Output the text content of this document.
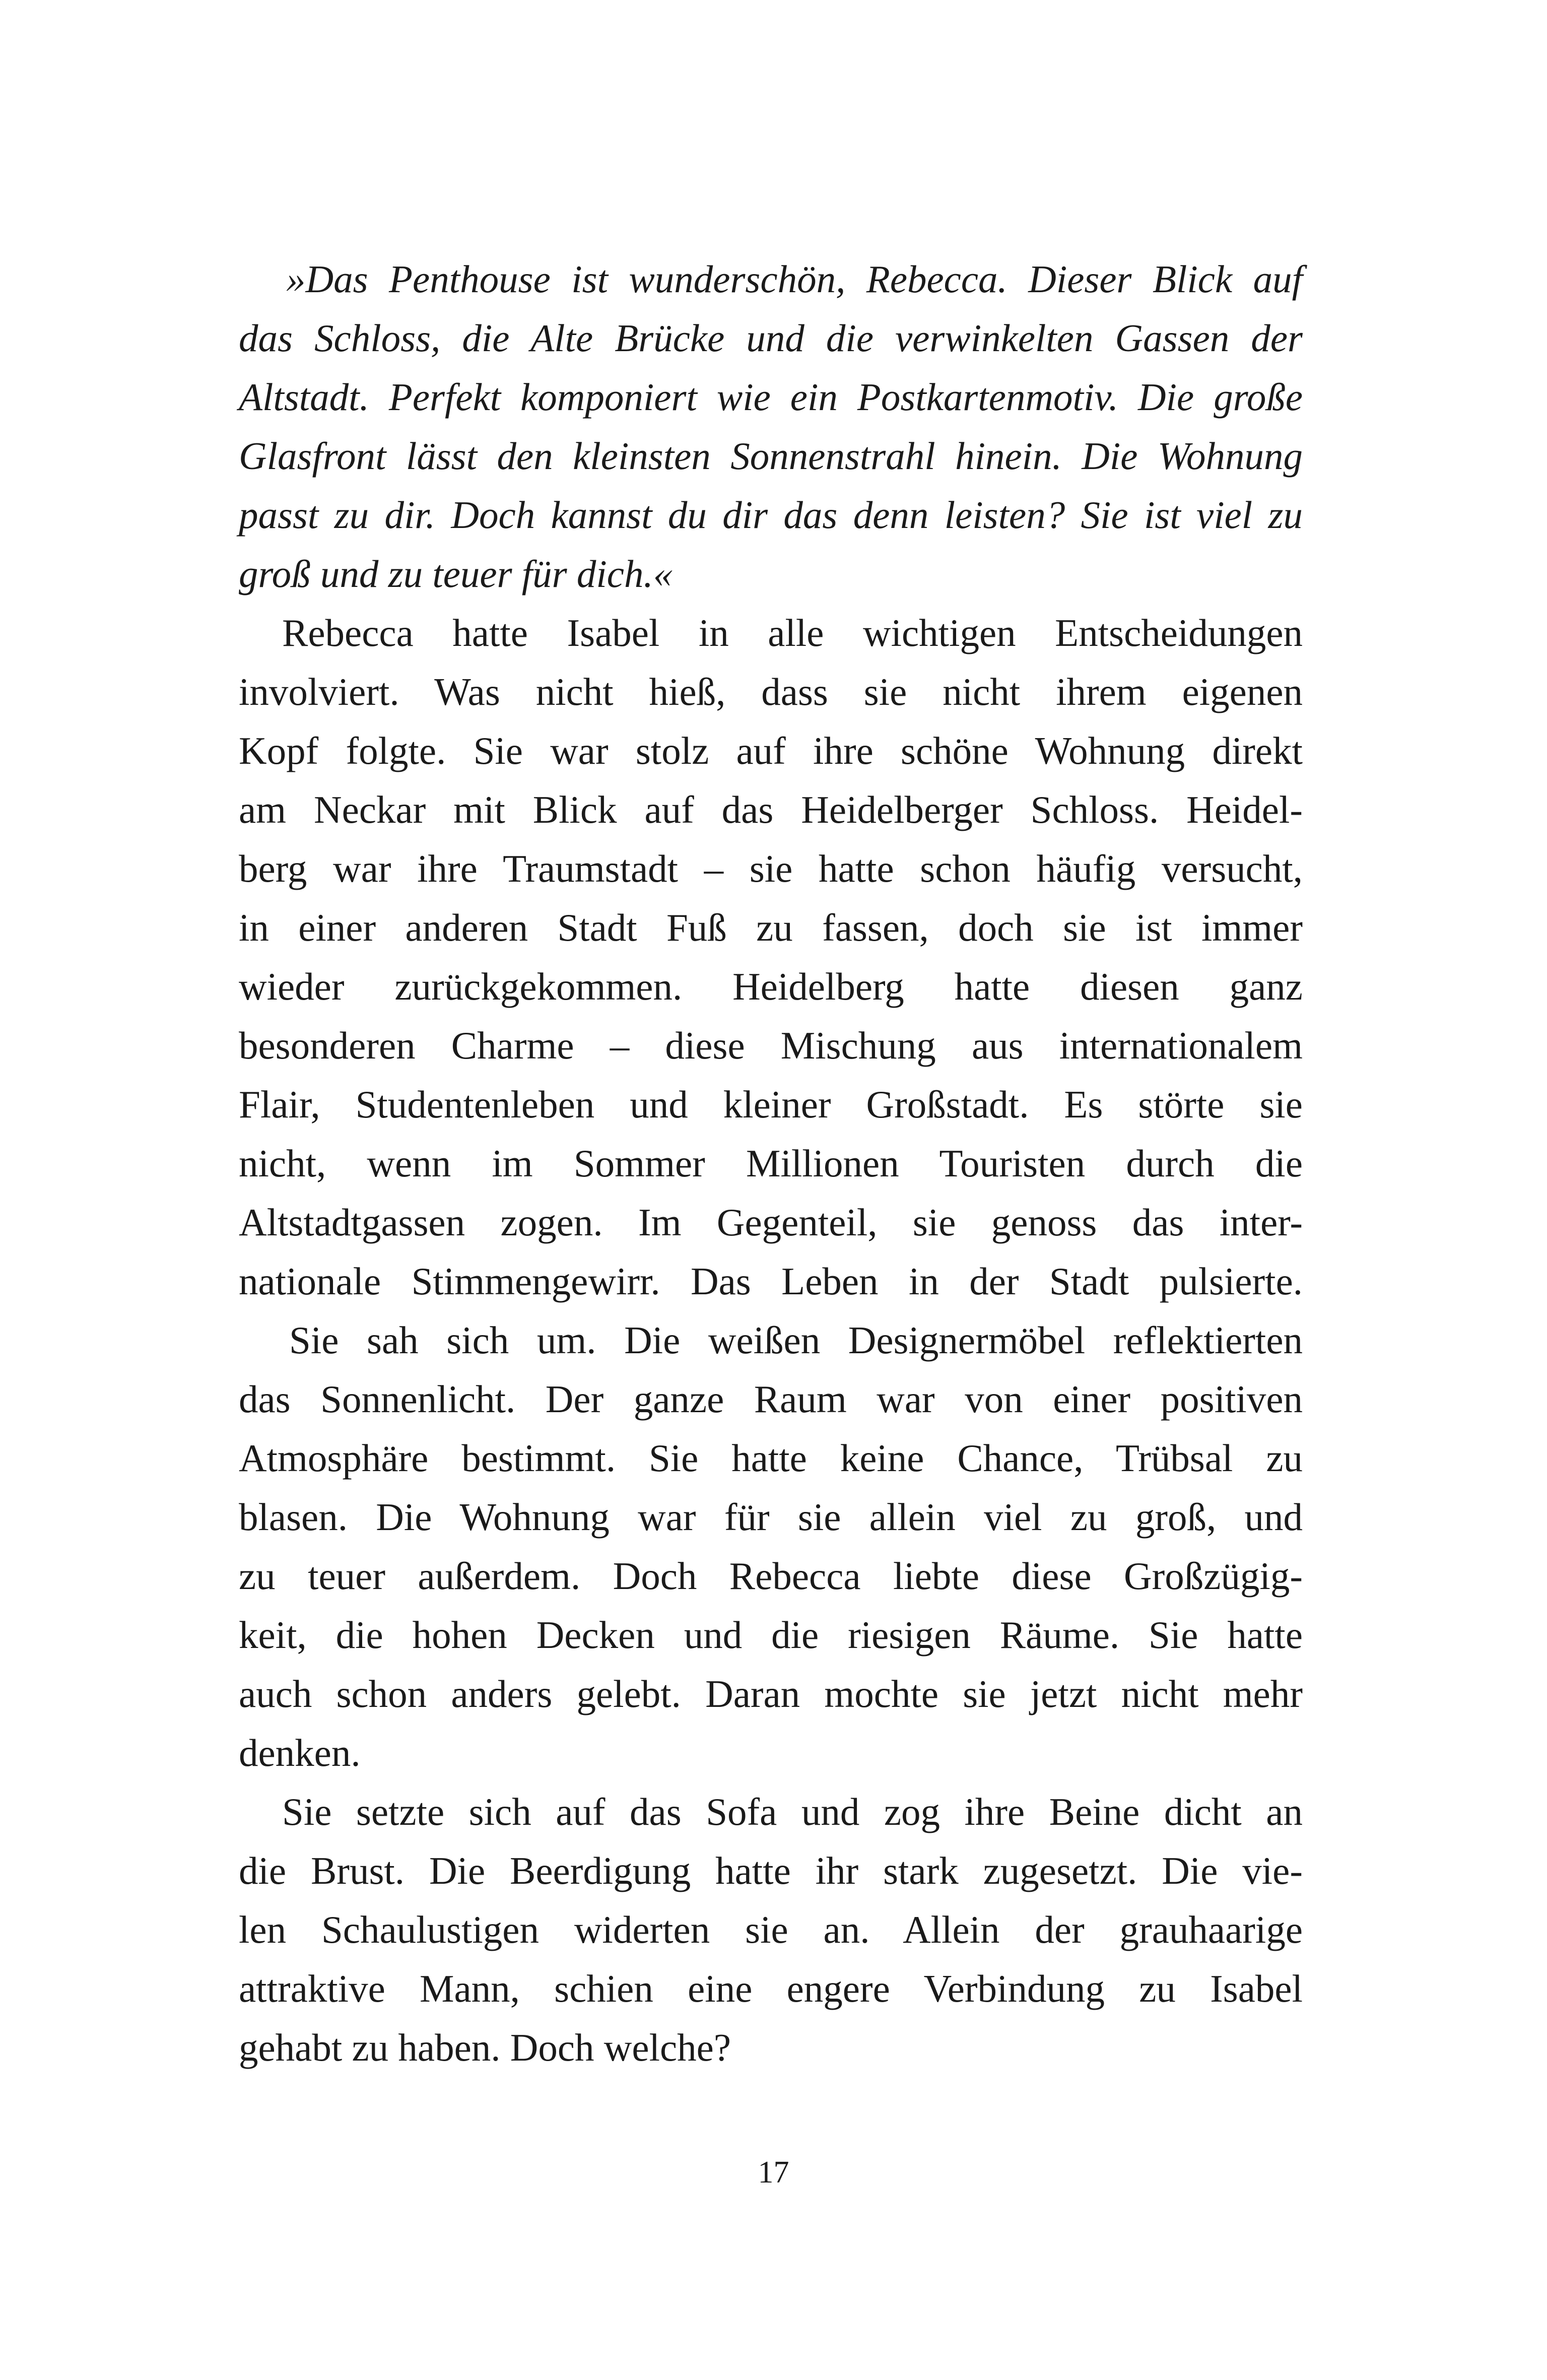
»Das Penthouse ist wunderschön, Rebecca. Dieser Blick auf
das Schloss, die Alte Brücke und die verwinkelten Gassen der
Altstadt. Perfekt komponiert wie ein Postkartenmotiv. Die große
Glasfront lässt den kleinsten Sonnenstrahl hinein. Die Wohnung
passt zu dir. Doch kannst du dir das denn leisten? Sie ist viel zu
groß und zu teuer für dich.«
Rebecca hatte Isabel in alle wichtigen Entscheidungen
involviert. Was nicht hieß, dass sie nicht ihrem eigenen
Kopf folgte. Sie war stolz auf ihre schöne Wohnung direkt
am Neckar mit Blick auf das Heidelberger Schloss. Heidel-
berg war ihre Traumstadt – sie hatte schon häufig versucht,
in einer anderen Stadt Fuß zu fassen, doch sie ist immer
wieder zurückgekommen. Heidelberg hatte diesen ganz
besonderen Charme – diese Mischung aus internationalem
Flair, Studentenleben und kleiner Großstadt. Es störte sie
nicht, wenn im Sommer Millionen Touristen durch die
Altstadtgassen zogen. Im Gegenteil, sie genoss das inter-
nationale Stimmengewirr. Das Leben in der Stadt pulsierte.
Sie sah sich um. Die weißen Designermöbel reflektierten
das Sonnenlicht. Der ganze Raum war von einer positiven
Atmosphäre bestimmt. Sie hatte keine Chance, Trübsal zu
blasen. Die Wohnung war für sie allein viel zu groß, und
zu teuer außerdem. Doch Rebecca liebte diese Großzügig-
keit, die hohen Decken und die riesigen Räume. Sie hatte
auch schon anders gelebt. Daran mochte sie jetzt nicht mehr
denken.
Sie setzte sich auf das Sofa und zog ihre Beine dicht an
die Brust. Die Beerdigung hatte ihr stark zugesetzt. Die vie-
len Schaulustigen widerten sie an. Allein der grauhaarige
attraktive Mann, schien eine engere Verbindung zu Isabel
gehabt zu haben. Doch welche?
17
